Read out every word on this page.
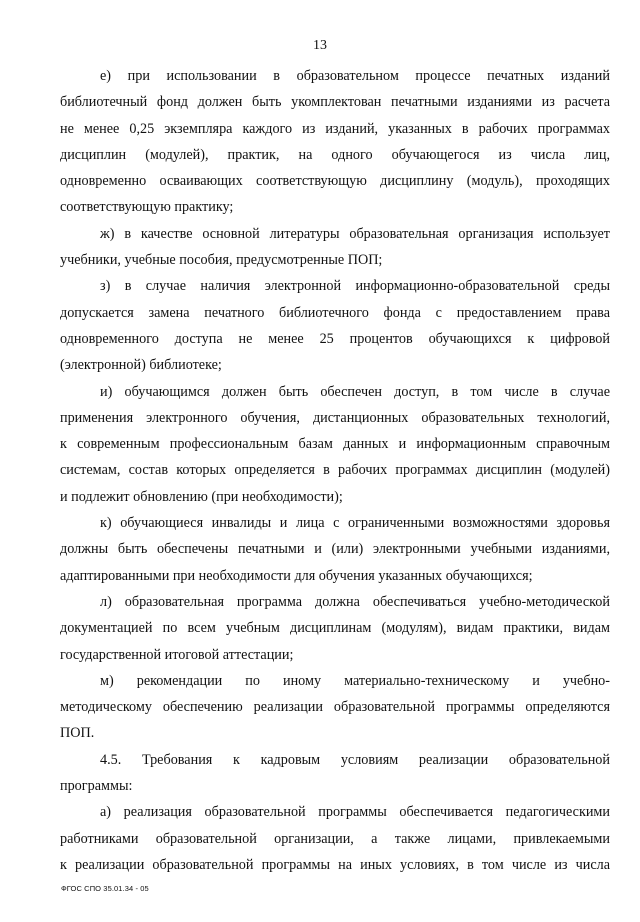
13
е) при использовании в образовательном процессе печатных изданий
библиотечный фонд должен быть укомплектован печатными изданиями из расчета
не менее 0,25 экземпляра каждого из изданий, указанных в рабочих программах
дисциплин (модулей), практик, на одного обучающегося из числа лиц,
одновременно осваивающих соответствующую дисциплину (модуль), проходящих
соответствующую практику;
ж) в качестве основной литературы образовательная организация использует
учебники, учебные пособия, предусмотренные ПОП;
з) в случае наличия электронной информационно-образовательной среды
допускается замена печатного библиотечного фонда с предоставлением права
одновременного доступа не менее 25 процентов обучающихся к цифровой
(электронной) библиотеке;
и) обучающимся должен быть обеспечен доступ, в том числе в случае
применения электронного обучения, дистанционных образовательных технологий,
к современным профессиональным базам данных и информационным справочным
системам, состав которых определяется в рабочих программах дисциплин (модулей)
и подлежит обновлению (при необходимости);
к) обучающиеся инвалиды и лица с ограниченными возможностями здоровья
должны быть обеспечены печатными и (или) электронными учебными изданиями,
адаптированными при необходимости для обучения указанных обучающихся;
л) образовательная программа должна обеспечиваться учебно-методической
документацией по всем учебным дисциплинам (модулям), видам практики, видам
государственной итоговой аттестации;
м) рекомендации по иному материально-техническому и учебно-
методическому обеспечению реализации образовательной программы определяются
ПОП.
4.5. Требования к кадровым условиям реализации образовательной
программы:
а) реализация образовательной программы обеспечивается педагогическими
работниками образовательной организации, а также лицами, привлекаемыми
к реализации образовательной программы на иных условиях, в том числе из числа
ФГОС СПО 35.01.34 - 05
